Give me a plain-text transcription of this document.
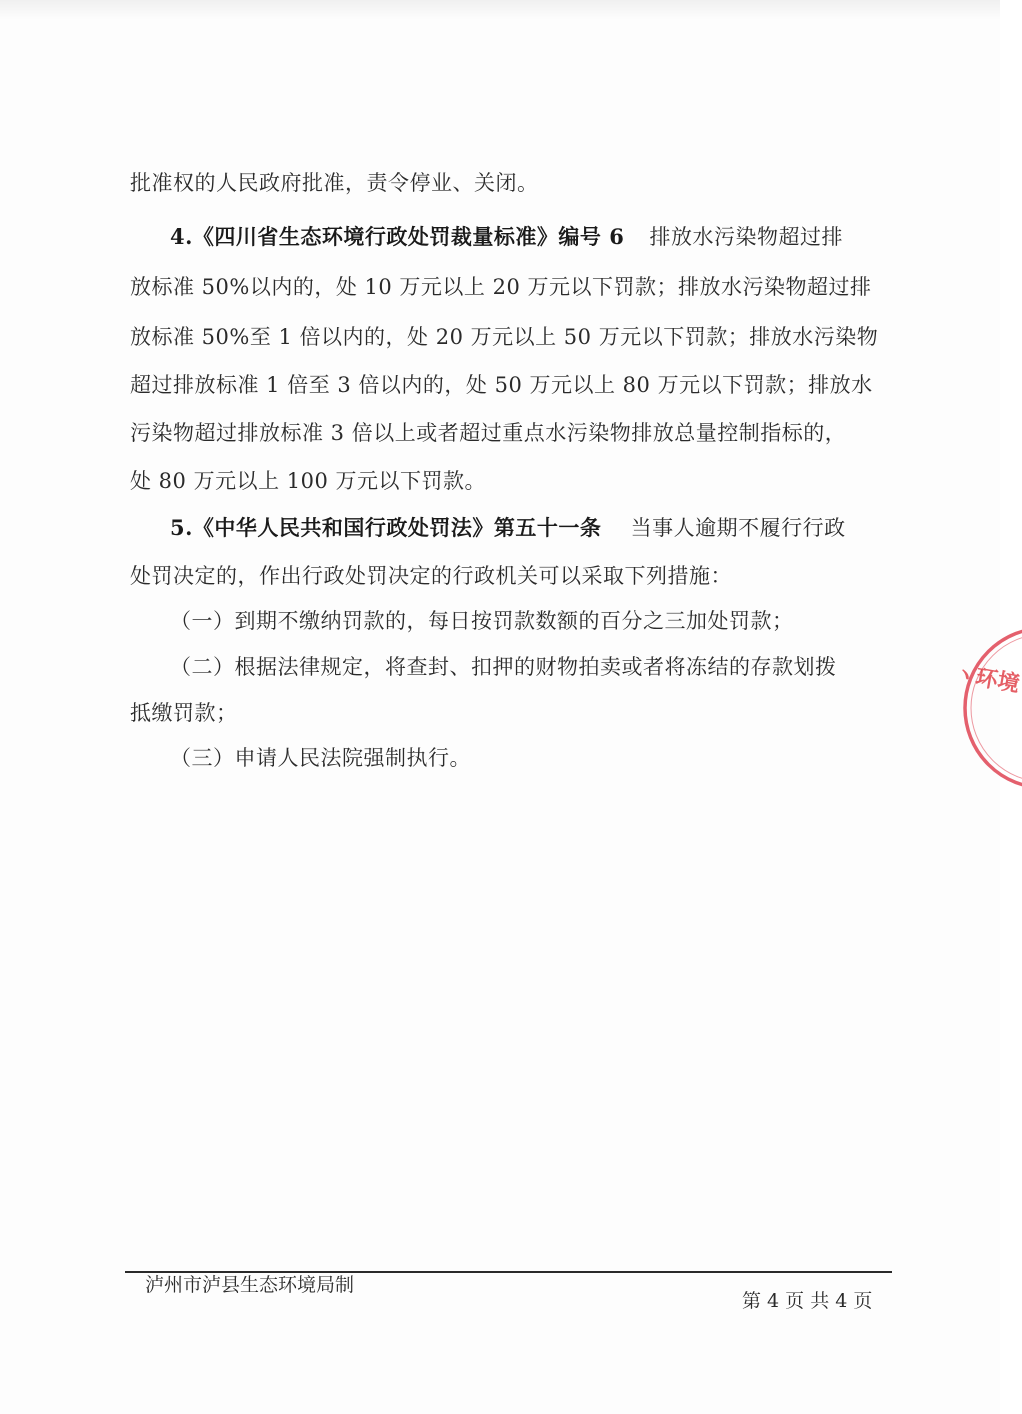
批准权的人民政府批准，责令停业、关闭。
4.《四川省生态环境行政处罚裁量标准》编号 6 排放水污染物超过排
放标准 50%以内的，处 10 万元以上 20 万元以下罚款；排放水污染物超过排
放标准 50%至 1 倍以内的，处 20 万元以上 50 万元以下罚款；排放水污染物
超过排放标准 1 倍至 3 倍以内的，处 50 万元以上 80 万元以下罚款；排放水
污染物超过排放标准 3 倍以上或者超过重点水污染物排放总量控制指标的，
处 80 万元以上 100 万元以下罚款。
5.《中华人民共和国行政处罚法》第五十一条 当事人逾期不履行行政
处罚决定的，作出行政处罚决定的行政机关可以采取下列措施：
（一）到期不缴纳罚款的，每日按罚款数额的百分之三加处罚款；
（二）根据法律规定，将查封、扣押的财物拍卖或者将冻结的存款划拨
抵缴罚款；
（三）申请人民法院强制执行。
ヽ环境
泸州市泸县生态环境局制
第 4 页 共 4 页
